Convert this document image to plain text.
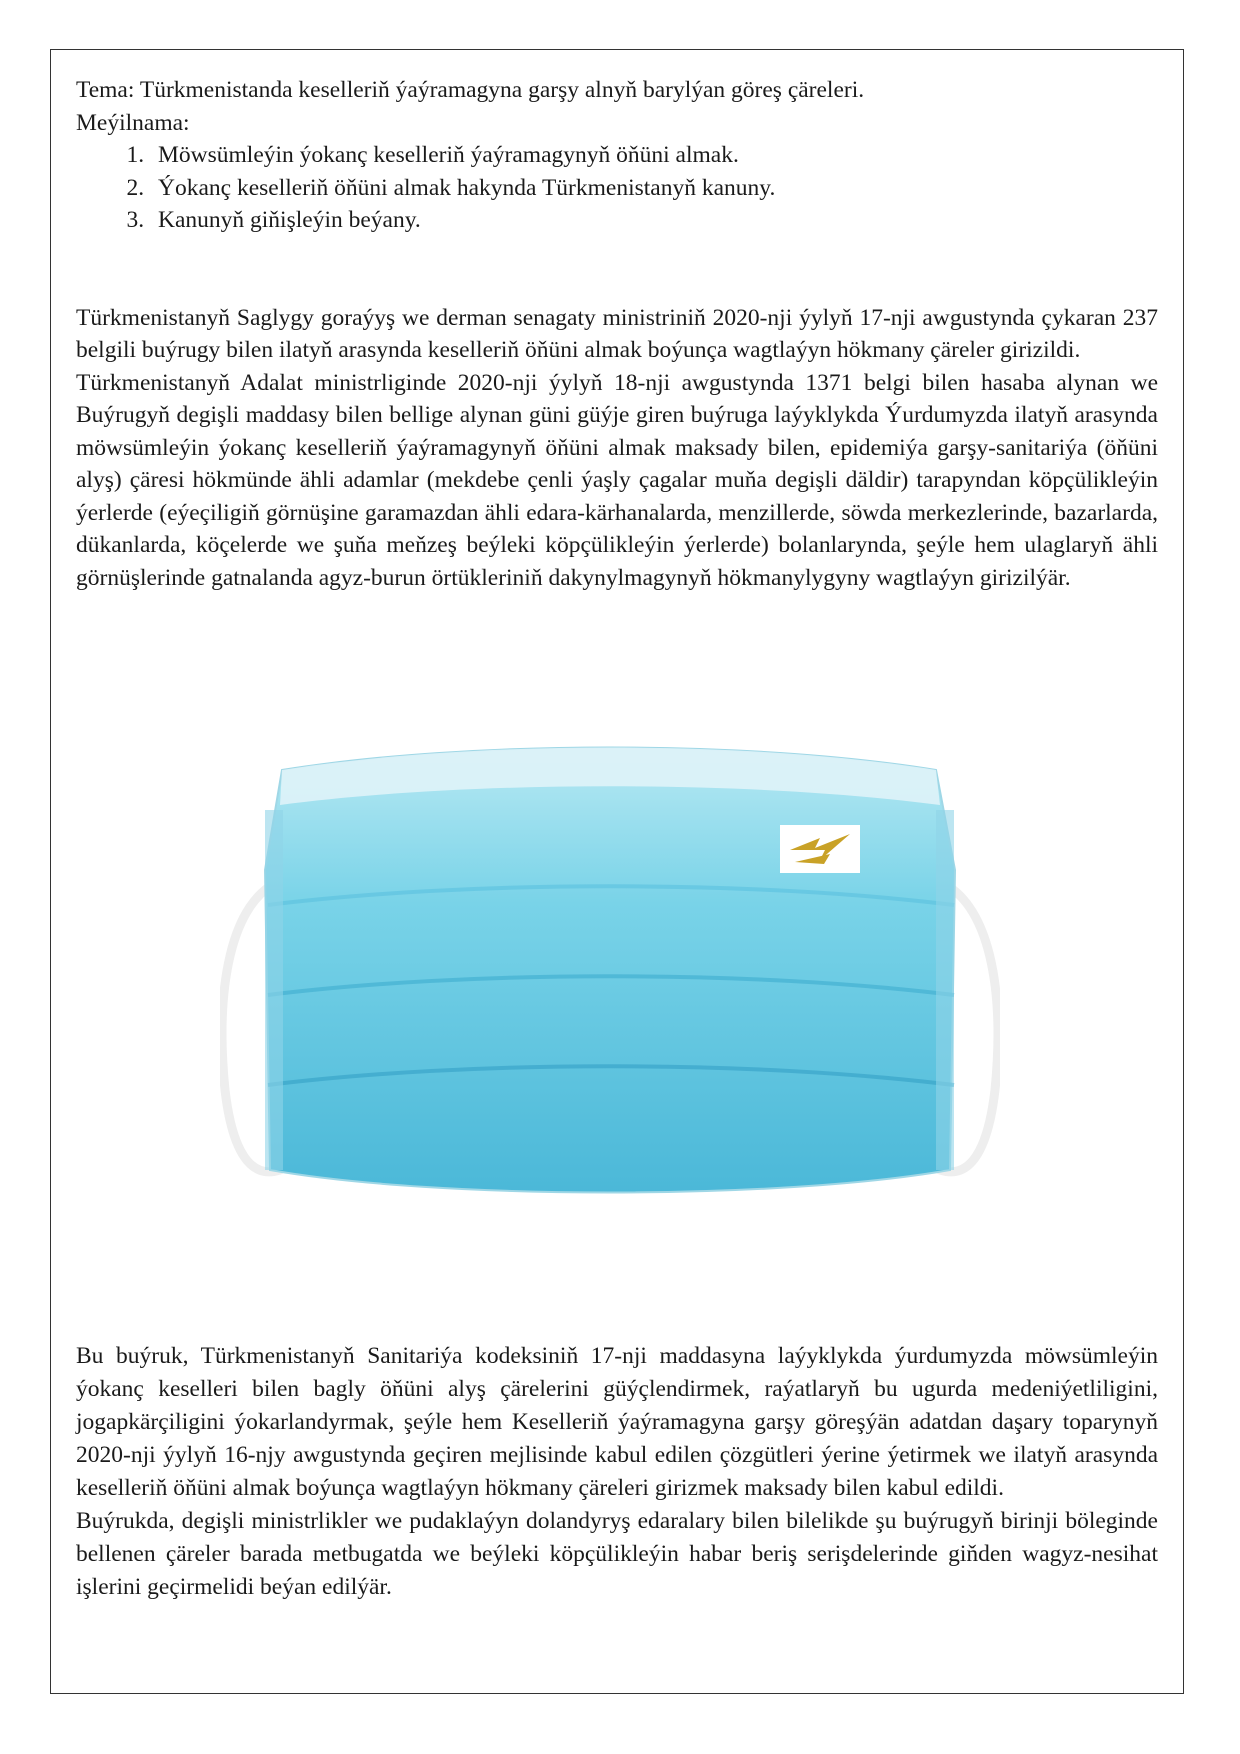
Tema: Türkmenistanda keselleriň ýaýramagyna garşy alnyň barylýan göreş çäreleri.

Meýilnama:

1. Möwsümleýin ýokanç keselleriň ýaýramagynyň öňüni almak.
2. Ýokanç keselleriň öňüni almak hakynda Türkmenistanyň kanuny.
3. Kanunyň giňişleýin beýany.

Türkmenistanyň Saglygy goraýyş we derman senagaty ministriniň 2020-nji ýylyň 17-nji awgustynda çykaran 237 belgili buýrugy bilen ilatyň arasynda keselleriň öňüni almak boýunça wagtlaýyn hökmany çäreler girizildi.

Türkmenistanyň Adalat ministrliginde 2020-nji ýylyň 18-nji awgustynda 1371 belgi bilen hasaba alynan we Buýrugyň degişli maddasy bilen bellige alynan güni güýje giren buýruga laýyklykda Ýurdumyzda ilatyň arasynda möwsümleýin ýokanç keselleriň ýaýramagynyň öňüni almak maksady bilen, epidemiýa garşy-sanitariýa (öňüni alyş) çäresi hökmünde ähli adamlar (mekdebe çenli ýaşly çagalar muňa degişli däldir) tarapyndan köpçülikleýin ýerlerde (eýeçiligiň görnüşine garamazdan ähli edara-kärhanalarda, menzillerde, söwda merkezlerinde, bazarlarda, dükanlarda, köçelerde we şuňa meňzeş beýleki köpçülikleýin ýerlerde) bolanlarynda, şeýle hem ulaglaryň ähli görnüşlerinde gatnalanda agyz-burun örtükleriniň dakynylmagynyň hökmanylygyny wagtlaýyn girizilýär.

Bu buýruk, Türkmenistanyň Sanitariýa kodeksiniň 17-nji maddasyna laýyklykda ýurdumyzda möwsümleýin ýokanç keselleri bilen bagly öňüni alyş çärelerini güýçlendirmek, raýatlaryň bu ugurda medeniýetliligini, jogapkärçiligini ýokarlandyrmak, şeýle hem Keselleriň ýaýramagyna garşy göreşýän adatdan daşary toparynyň 2020-nji ýylyň 16-njy awgustynda geçiren mejlisinde kabul edilen çözgütleri ýerine ýetirmek we ilatyň arasynda keselleriň öňüni almak boýunça wagtlaýyn hökmany çäreleri girizmek maksady bilen kabul edildi.

Buýrukda, degişli ministrlikler we pudaklaýyn dolandyryş edaralary bilen bilelikde şu buýrugyň birinji böleginde bellenen çäreler barada metbugatda we beýleki köpçülikleýin habar beriş serişdelerinde giňden wagyz-nesihat işlerini geçirmelidi beýan edilýär.
